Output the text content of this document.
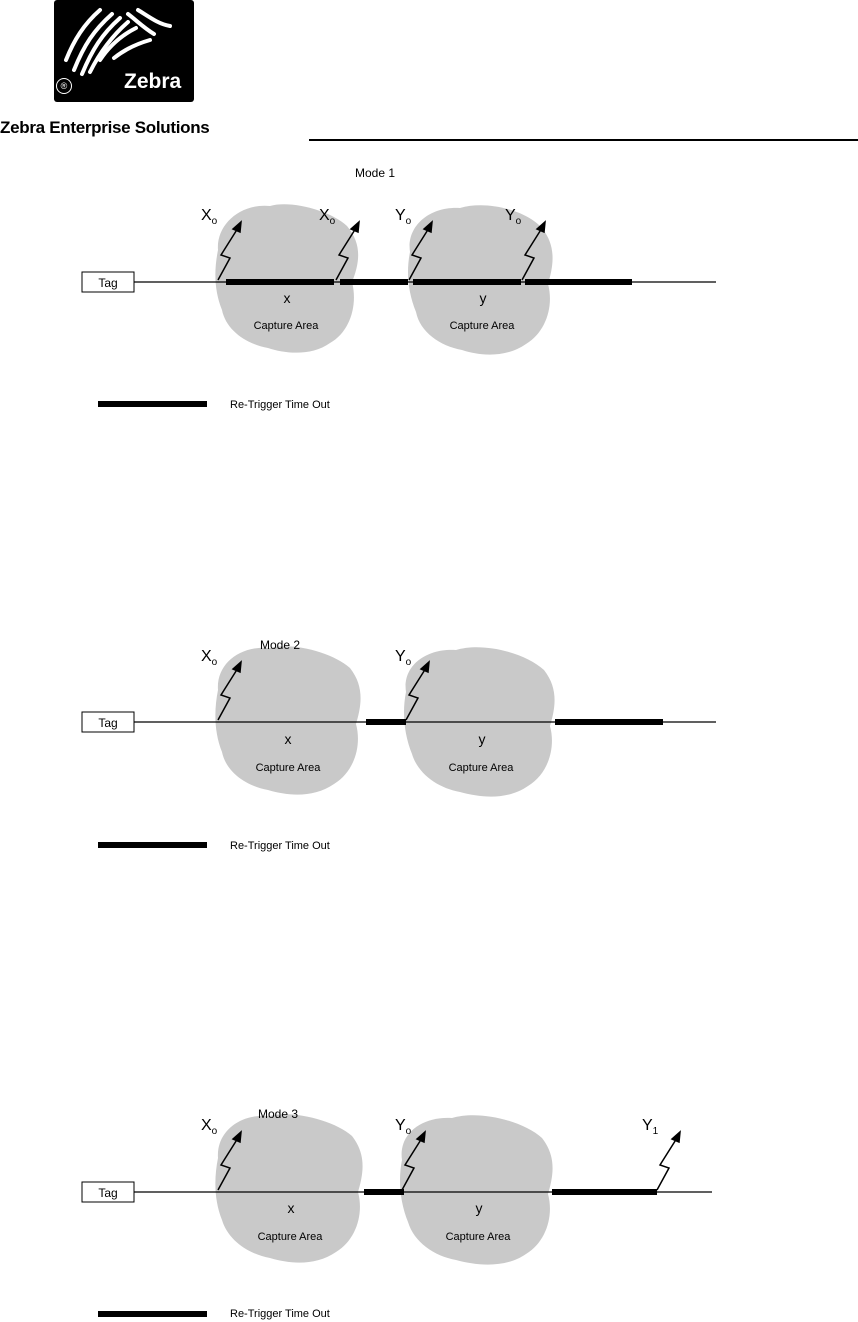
Zebra
®
Zebra Enterprise Solutions
Mode 1
Tag
$X_o$	$X_o$	$Y_o$	$Y_o$
x
Capture Area
y
Capture Area
Re-Trigger Time Out
Mode 2
Tag
$X_o$	$Y_o$
x
Capture Area
y
Capture Area
Re-Trigger Time Out
Mode 3
Tag
$X_o$	$Y_o$	$Y_1$
x
Capture Area
y
Capture Area
Re-Trigger Time Out
